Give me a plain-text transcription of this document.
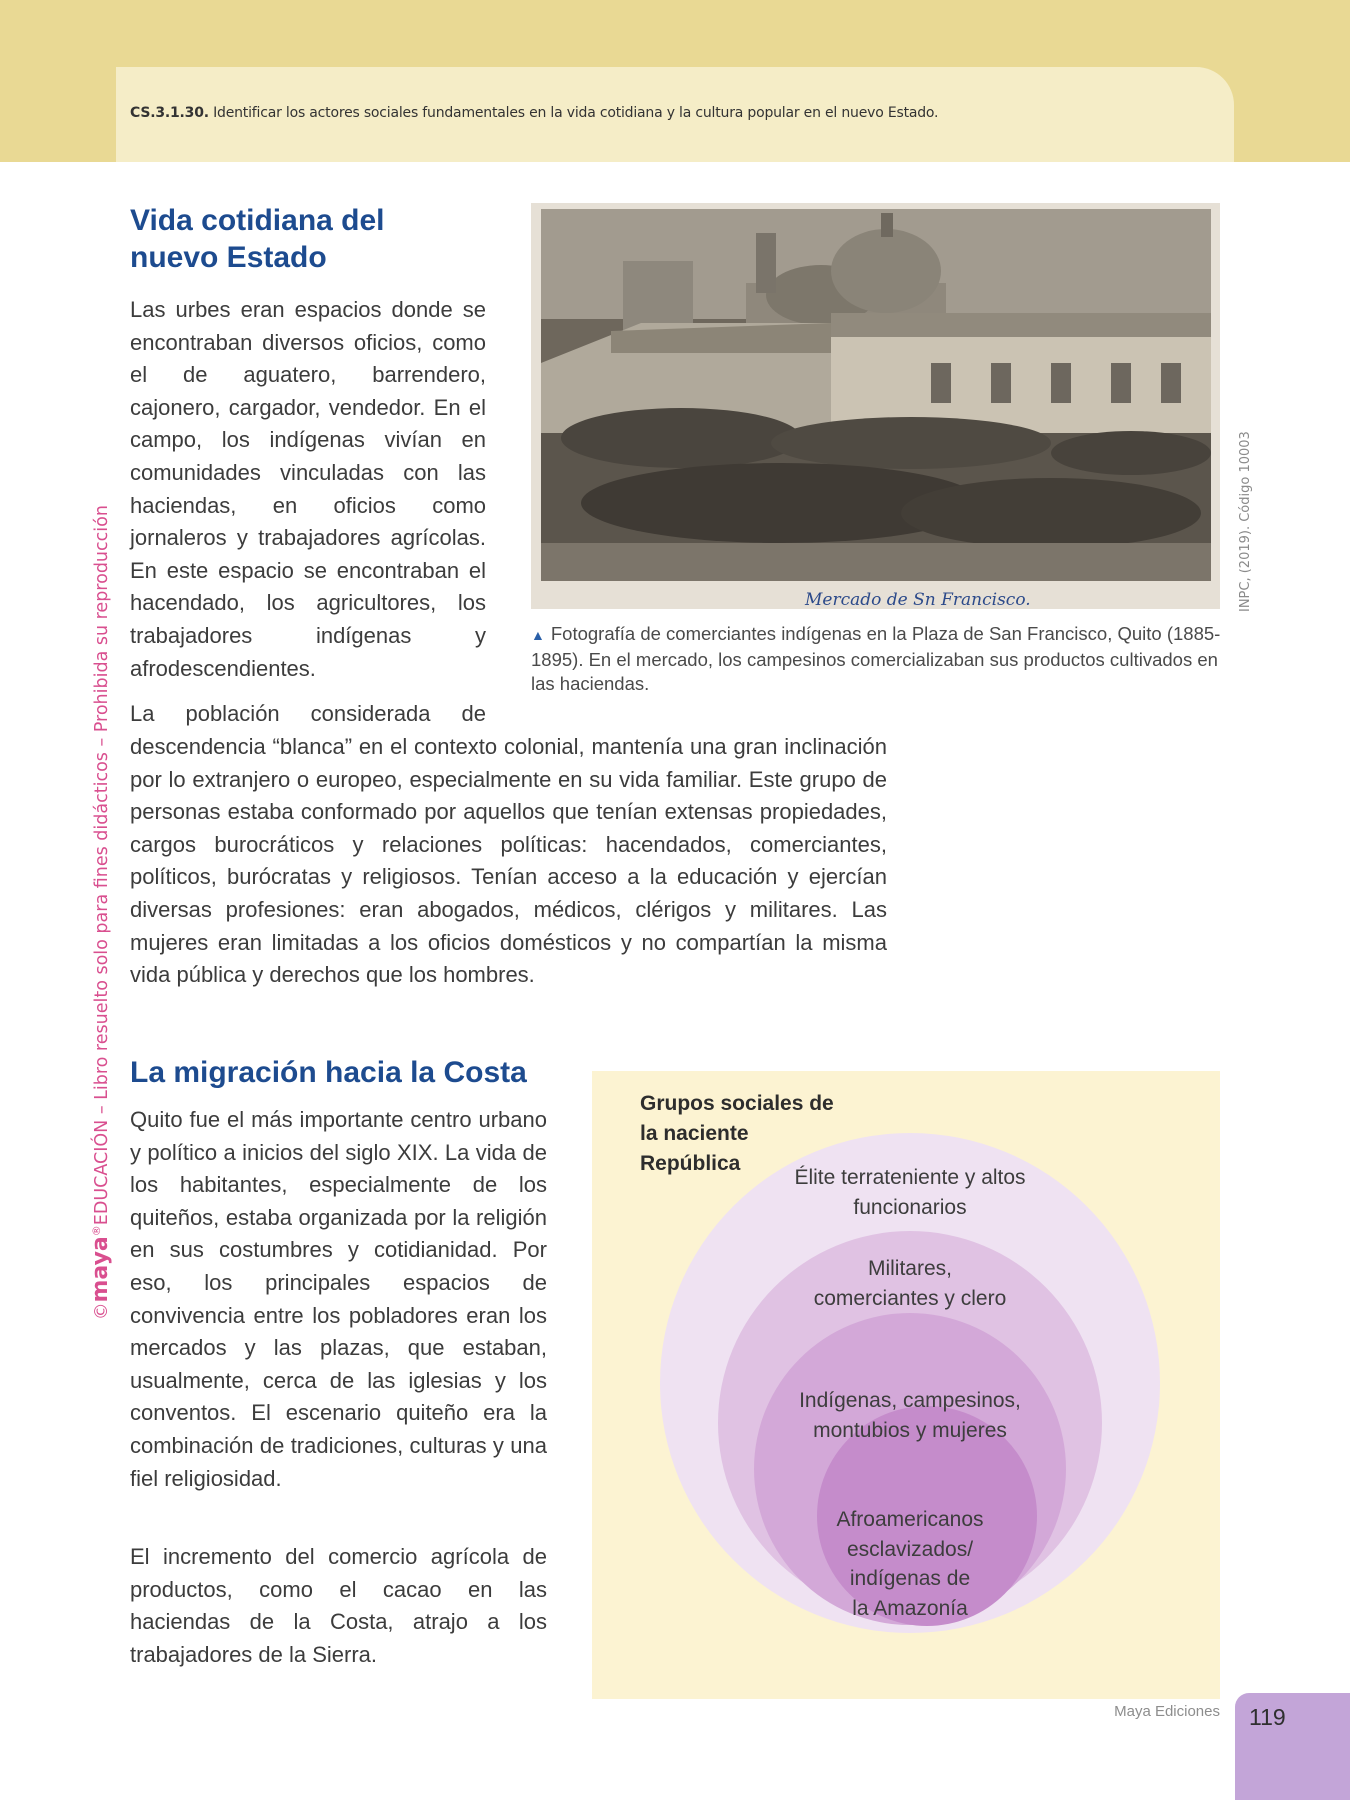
CS.3.1.30. Identificar los actores sociales fundamentales en la vida cotidiana y la cultura popular en el nuevo Estado.
©maya®EDUCACIÓN – Libro resuelto solo para fines didácticos – Prohibida su reproducción
Vida cotidiana del
nuevo Estado

Las urbes eran espacios donde se encontraban diversos oficios, como el de aguatero, barrendero, cajonero, cargador, vendedor. En el campo, los indígenas vivían en comunidades vinculadas con las haciendas, en oficios como jornaleros y trabajadores agrícolas. En este espacio se encontraban el hacendado, los agricultores, los trabajadores indígenas y afrodescendientes.

La población considerada de

descendencia “blanca” en el contexto colonial, mantenía una gran inclinación por lo extranjero o europeo, especialmente en su vida familiar. Este grupo de personas estaba conformado por aquellos que tenían extensas propiedades, cargos burocráticos y relaciones políticas: hacendados, comerciantes, políticos, burócratas y religiosos. Tenían acceso a la educación y ejercían diversas profesiones: eran abogados, médicos, clérigos y militares. Las mujeres eran limitadas a los oficios domésticos y no compartían la misma vida pública y derechos que los hombres.

Mercado de Sn Francisco.	INPC, (2019). Código 10003
▲ Fotografía de comerciantes indígenas en la Plaza de San Francisco, Quito (1885-1895). En el mercado, los campesinos comercializaban sus productos cultivados en las haciendas.
La migración hacia la Costa

Quito fue el más importante centro urbano y político a inicios del siglo XIX. La vida de los habitantes, especialmente de los quiteños, estaba organizada por la religión en sus costumbres y cotidianidad. Por eso, los principales espacios de convivencia entre los pobladores eran los mercados y las plazas, que estaban, usualmente, cerca de las iglesias y los conventos. El escenario quiteño era la combinación de tradiciones, culturas y una fiel religiosidad.

El incremento del comercio agrícola de productos, como el cacao en las haciendas de la Costa, atrajo a los trabajadores de la Sierra.

Grupos sociales de
la naciente
República
Élite terrateniente y altos
funcionarios
Militares,
comerciantes y clero
Indígenas, campesinos,
montubios y mujeres
Afroamericanos
esclavizados/
indígenas de
la Amazonía
Maya Ediciones 119
